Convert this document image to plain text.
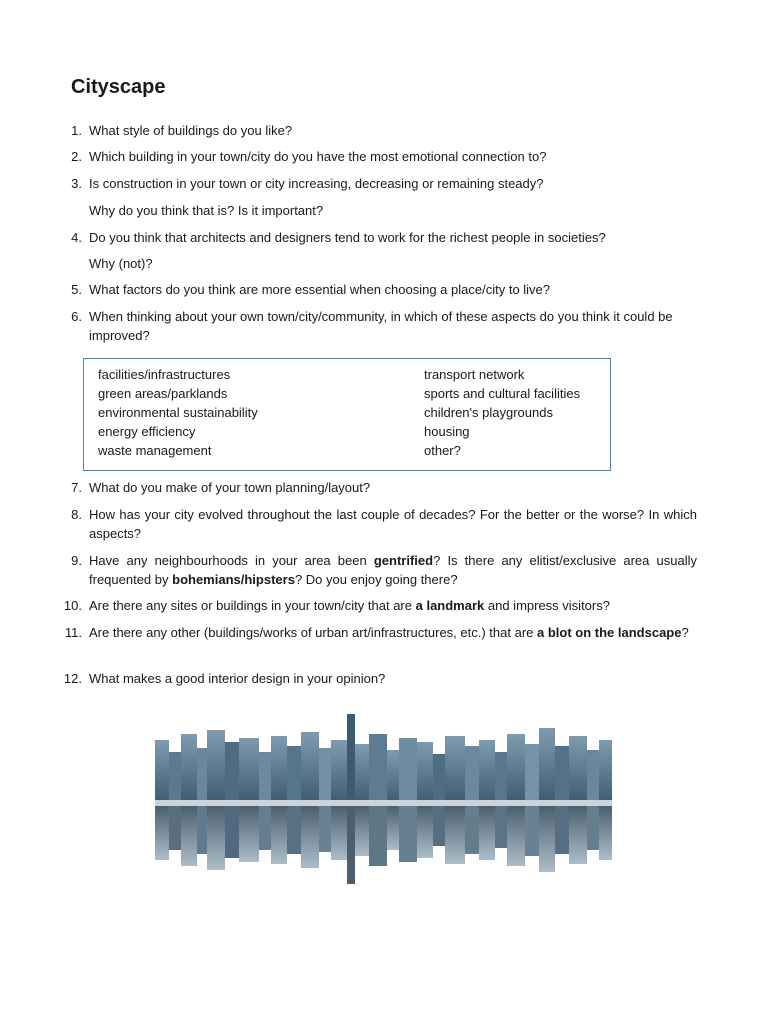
Cityscape
1. What style of buildings do you like?
2. Which building in your town/city do you have the most emotional connection to?
3. Is construction in your town or city increasing, decreasing or remaining steady?
Why do you think that is? Is it important?
4. Do you think that architects and designers tend to work for the richest people in societies?
Why (not)?
5. What factors do you think are more essential when choosing a place/city to live?
6. When thinking about your own town/city/community, in which of these aspects do you think it could be improved?
facilities/infrastructures
green areas/parklands
environmental sustainability
energy efficiency
waste management
transport network
sports and cultural facilities
children's playgrounds
housing
other?
7. What do you make of your town planning/layout?
8. How has your city evolved throughout the last couple of decades? For the better or the worse? In which aspects?
9. Have any neighbourhoods in your area been gentrified? Is there any elitist/exclusive area usually frequented by bohemians/hipsters? Do you enjoy going there?
10. Are there any sites or buildings in your town/city that are a landmark and impress visitors?
11. Are there any other (buildings/works of urban art/infrastructures, etc.) that are a blot on the landscape?
12. What makes a good interior design in your opinion?
